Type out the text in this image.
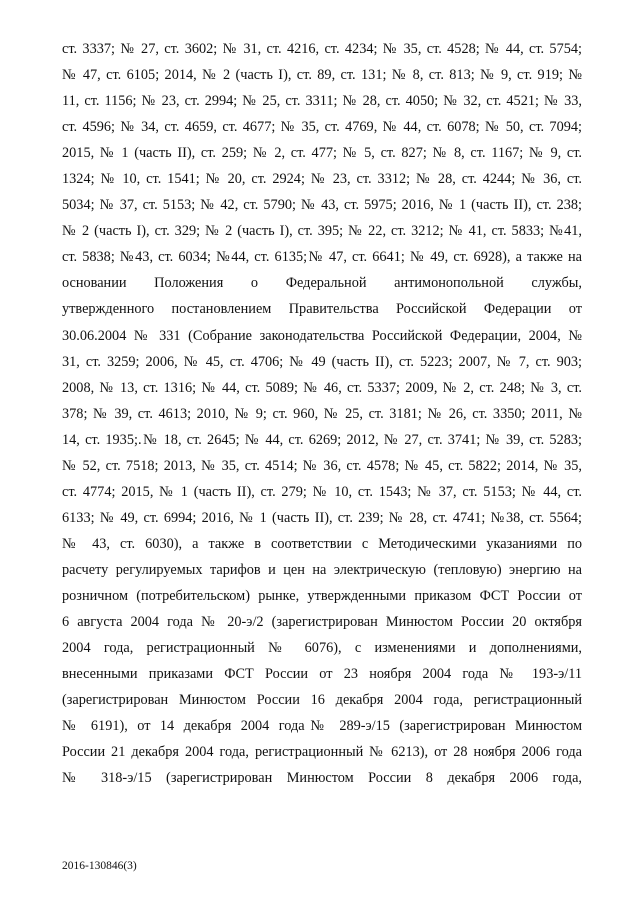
ст. 3337; № 27, ст. 3602; № 31, ст. 4216, ст. 4234; № 35, ст. 4528; № 44, ст. 5754;
№ 47, ст. 6105; 2014, № 2 (часть I), ст. 89, ст. 131; № 8, ст. 813; № 9, ст. 919; №
11, ст. 1156; № 23, ст. 2994; № 25, ст. 3311; № 28, ст. 4050; № 32, ст. 4521; № 33,
ст. 4596; № 34, ст. 4659, ст. 4677; № 35, ст. 4769, № 44, ст. 6078; № 50, ст. 7094;
2015, № 1 (часть II), ст. 259; № 2, ст. 477; № 5, ст. 827; № 8, ст. 1167; № 9, ст.
1324; № 10, ст. 1541; № 20, ст. 2924; № 23, ст. 3312; № 28, ст. 4244; № 36, ст.
5034; № 37, ст. 5153; № 42, ст. 5790; № 43, ст. 5975; 2016, № 1 (часть II), ст. 238;
№ 2 (часть I), ст. 329; № 2 (часть I), ст. 395; № 22, ст. 3212; № 41, ст. 5833; №41,
ст. 5838; №43, ст. 6034; №44, ст. 6135;№ 47, ст. 6641; № 49, ст. 6928), а также на
основании Положения о Федеральной антимонопольной службы,
утвержденного постановлением Правительства Российской Федерации от
30.06.2004 № 331 (Собрание законодательства Российской Федерации, 2004, №
31, ст. 3259; 2006, № 45, ст. 4706; № 49 (часть II), ст. 5223; 2007, № 7, ст. 903;
2008, № 13, ст. 1316; № 44, ст. 5089; № 46, ст. 5337; 2009, № 2, ст. 248; № 3, ст.
378; № 39, ст. 4613; 2010, № 9; ст. 960, № 25, ст. 3181; № 26, ст. 3350; 2011, №
14, ст. 1935;.№ 18, ст. 2645; № 44, ст. 6269; 2012, № 27, ст. 3741; № 39, ст. 5283;
№ 52, ст. 7518; 2013, № 35, ст. 4514; № 36, ст. 4578; № 45, ст. 5822; 2014, № 35,
ст. 4774; 2015, № 1 (часть II), ст. 279; № 10, ст. 1543; № 37, ст. 5153; № 44, ст.
6133; № 49, ст. 6994; 2016, № 1 (часть II), ст. 239; № 28, ст. 4741; №38, ст. 5564;
№ 43, ст. 6030), а также в соответствии с Методическими указаниями по
расчету регулируемых тарифов и цен на электрическую (тепловую) энергию на
розничном (потребительском) рынке, утвержденными приказом ФСТ России от
6 августа 2004 года № 20-э/2 (зарегистрирован Минюстом России 20 октября
2004 года, регистрационный № 6076), с изменениями и дополнениями,
внесенными приказами ФСТ России от 23 ноября 2004 года № 193-э/11
(зарегистрирован Минюстом России 16 декабря 2004 года, регистрационный
№ 6191), от 14 декабря 2004 года№ 289-э/15 (зарегистрирован Минюстом
России 21 декабря 2004 года, регистрационный № 6213), от 28 ноября 2006 года
№ 318-э/15 (зарегистрирован Минюстом России 8 декабря 2006 года,
2016-130846(3)
